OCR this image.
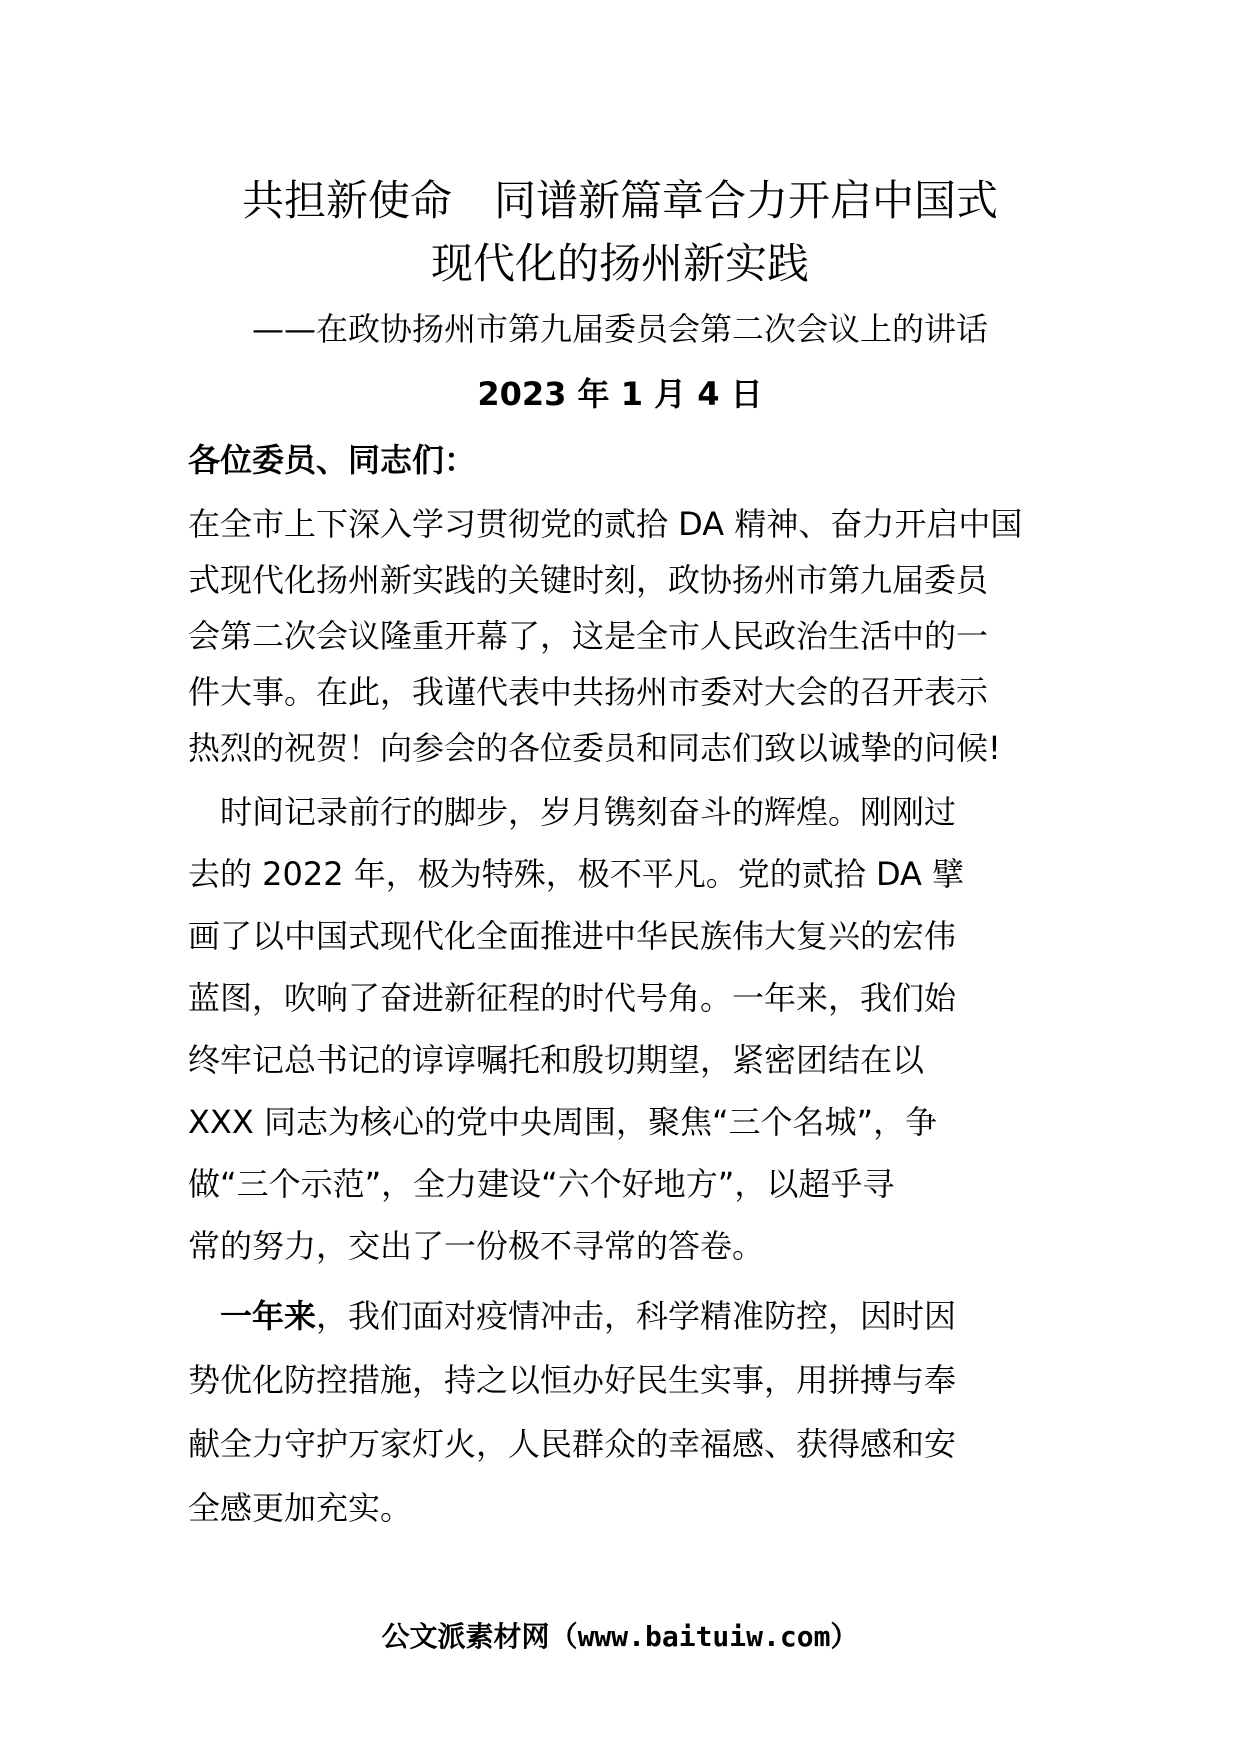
共担新使命　同谱新篇章合力开启中国式
现代化的扬州新实践
——在政协扬州市第九届委员会第二次会议上的讲话
2023 年 1 月 4 日
各位委员、同志们：
在全市上下深入学习贯彻党的贰拾 DA 精神、奋力开启中国
式现代化扬州新实践的关键时刻，政协扬州市第九届委员
会第二次会议隆重开幕了，这是全市人民政治生活中的一
件大事。在此，我谨代表中共扬州市委对大会的召开表示
热烈的祝贺！向参会的各位委员和同志们致以诚挚的问候!
　时间记录前行的脚步，岁月镌刻奋斗的辉煌。刚刚过
去的 2022 年，极为特殊，极不平凡。党的贰拾 DA 擘
画了以中国式现代化全面推进中华民族伟大复兴的宏伟
蓝图，吹响了奋进新征程的时代号角。一年来，我们始
终牢记总书记的谆谆嘱托和殷切期望，紧密团结在以
XXX 同志为核心的党中央周围，聚焦“三个名城”，争
做“三个示范”，全力建设“六个好地方”，以超乎寻
常的努力，交出了一份极不寻常的答卷。
　一年来，我们面对疫情冲击，科学精准防控，因时因
势优化防控措施，持之以恒办好民生实事，用拼搏与奉
献全力守护万家灯火，人民群众的幸福感、获得感和安
全感更加充实。
公文派素材网（www.baituiw.com）
